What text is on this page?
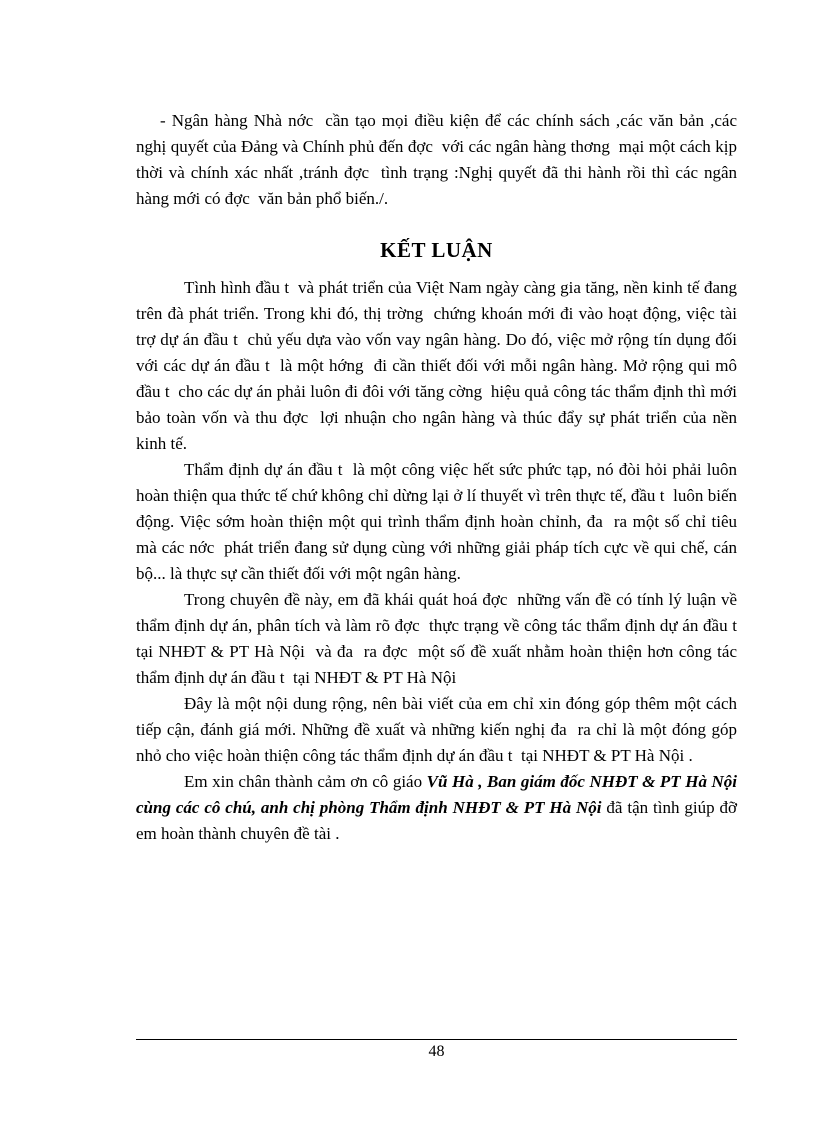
- Ngân hàng Nhà nớc  cần tạo mọi điều kiện để các chính sách ,các văn bản ,các nghị quyết của Đảng và Chính phủ đến đợc  với các ngân hàng thơng  mại một cách kịp thời và chính xác nhất ,tránh đợc  tình trạng :Nghị quyết đã thi hành rồi thì các ngân hàng mới có đợc  văn bản phổ biến./.

KẾT LUẬN

Tình hình đầu t  và phát triển của Việt Nam ngày càng gia tăng, nền kinh tế đang trên đà phát triển. Trong khi đó, thị trờng  chứng khoán mới đi vào hoạt động, việc tài trợ dự án đầu t  chủ yếu dựa vào vốn vay ngân hàng. Do đó, việc mở rộng tín dụng đối với các dự án đầu t  là một hớng  đi cần thiết đối với mỗi ngân hàng. Mở rộng qui mô đầu t  cho các dự án phải luôn đi đôi với tăng cờng  hiệu quả công tác thẩm định thì mới bảo toàn vốn và thu đợc  lợi nhuận cho ngân hàng và thúc đẩy sự phát triển của nền kinh tế.

Thẩm định dự án đầu t  là một công việc hết sức phức tạp, nó đòi hỏi phải luôn hoàn thiện qua thức tế chứ không chỉ dừng lại ở lí thuyết vì trên thực tế, đầu t  luôn biến động. Việc sớm hoàn thiện một qui trình thẩm định hoàn chỉnh, đa  ra một số chỉ tiêu mà các nớc  phát triển đang sử dụng cùng với những giải pháp tích cực về qui chế, cán bộ... là thực sự cần thiết đối với một ngân hàng.

Trong chuyên đề này, em đã khái quát hoá đợc  những vấn đề có tính lý luận về thẩm định dự án, phân tích và làm rõ đợc  thực trạng về công tác thẩm định dự án đầu t  tại NHĐT & PT Hà Nội  và đa  ra đợc  một số đề xuất nhằm hoàn thiện hơn công tác thẩm định dự án đầu t  tại NHĐT & PT Hà Nội

Đây là một nội dung rộng, nên bài viết của em chỉ xin đóng góp thêm một cách tiếp cận, đánh giá mới. Những đề xuất và những kiến nghị đa  ra chỉ là một đóng góp nhỏ cho việc hoàn thiện công tác thẩm định dự án đầu t  tại NHĐT & PT Hà Nội .

Em xin chân thành cảm ơn cô giáo Vũ Hà , Ban giám đốc NHĐT & PT Hà Nội cùng các cô chú, anh chị phòng Thẩm định NHĐT & PT Hà Nội đã tận tình giúp đỡ em hoàn thành chuyên đề tài .

48
